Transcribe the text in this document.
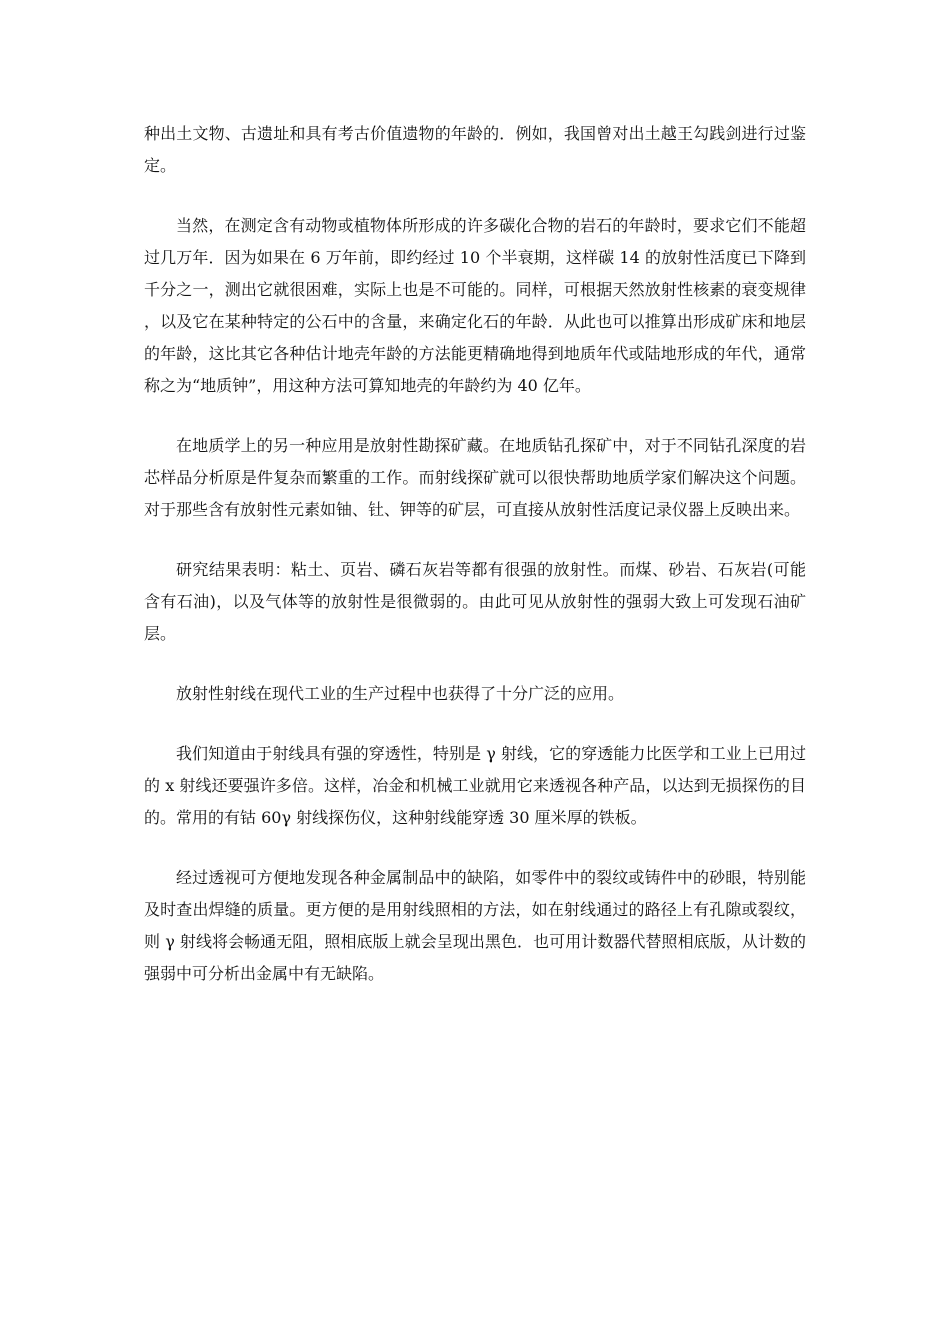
种出土文物、古遗址和具有考古价值遗物的年龄的．例如，我国曾对出土越王勾践剑进行过鉴定。

当然，在测定含有动物或植物体所形成的许多碳化合物的岩石的年龄时，要求它们不能超过几万年．因为如果在 6 万年前，即约经过 10 个半衰期，这样碳 14 的放射性活度已下降到千分之一，测出它就很困难，实际上也是不可能的。同样，可根据天然放射性核素的衰变规律，以及它在某种特定的公石中的含量，来确定化石的年龄．从此也可以推算出形成矿床和地层的年龄，这比其它各种估计地壳年龄的方法能更精确地得到地质年代或陆地形成的年代，通常称之为“地质钟”，用这种方法可算知地壳的年龄约为 40 亿年。

在地质学上的另一种应用是放射性勘探矿藏。在地质钻孔探矿中，对于不同钻孔深度的岩芯样品分析原是件复杂而繁重的工作。而射线探矿就可以很快帮助地质学家们解决这个问题。对于那些含有放射性元素如铀、钍、钾等的矿层，可直接从放射性活度记录仪器上反映出来。

研究结果表明：粘土、页岩、磷石灰岩等都有很强的放射性。而煤、砂岩、石灰岩(可能含有石油)，以及气体等的放射性是很微弱的。由此可见从放射性的强弱大致上可发现石油矿层。

放射性射线在现代工业的生产过程中也获得了十分广泛的应用。

我们知道由于射线具有强的穿透性，特别是 γ 射线，它的穿透能力比医学和工业上已用过的 x 射线还要强许多倍。这样，冶金和机械工业就用它来透视各种产品，以达到无损探伤的目的。常用的有钴 60γ 射线探伤仪，这种射线能穿透 30 厘米厚的铁板。

经过透视可方便地发现各种金属制品中的缺陷，如零件中的裂纹或铸件中的砂眼，特别能及时查出焊缝的质量。更方便的是用射线照相的方法，如在射线通过的路径上有孔隙或裂纹，则 γ 射线将会畅通无阻，照相底版上就会呈现出黑色．也可用计数器代替照相底版，从计数的强弱中可分析出金属中有无缺陷。
